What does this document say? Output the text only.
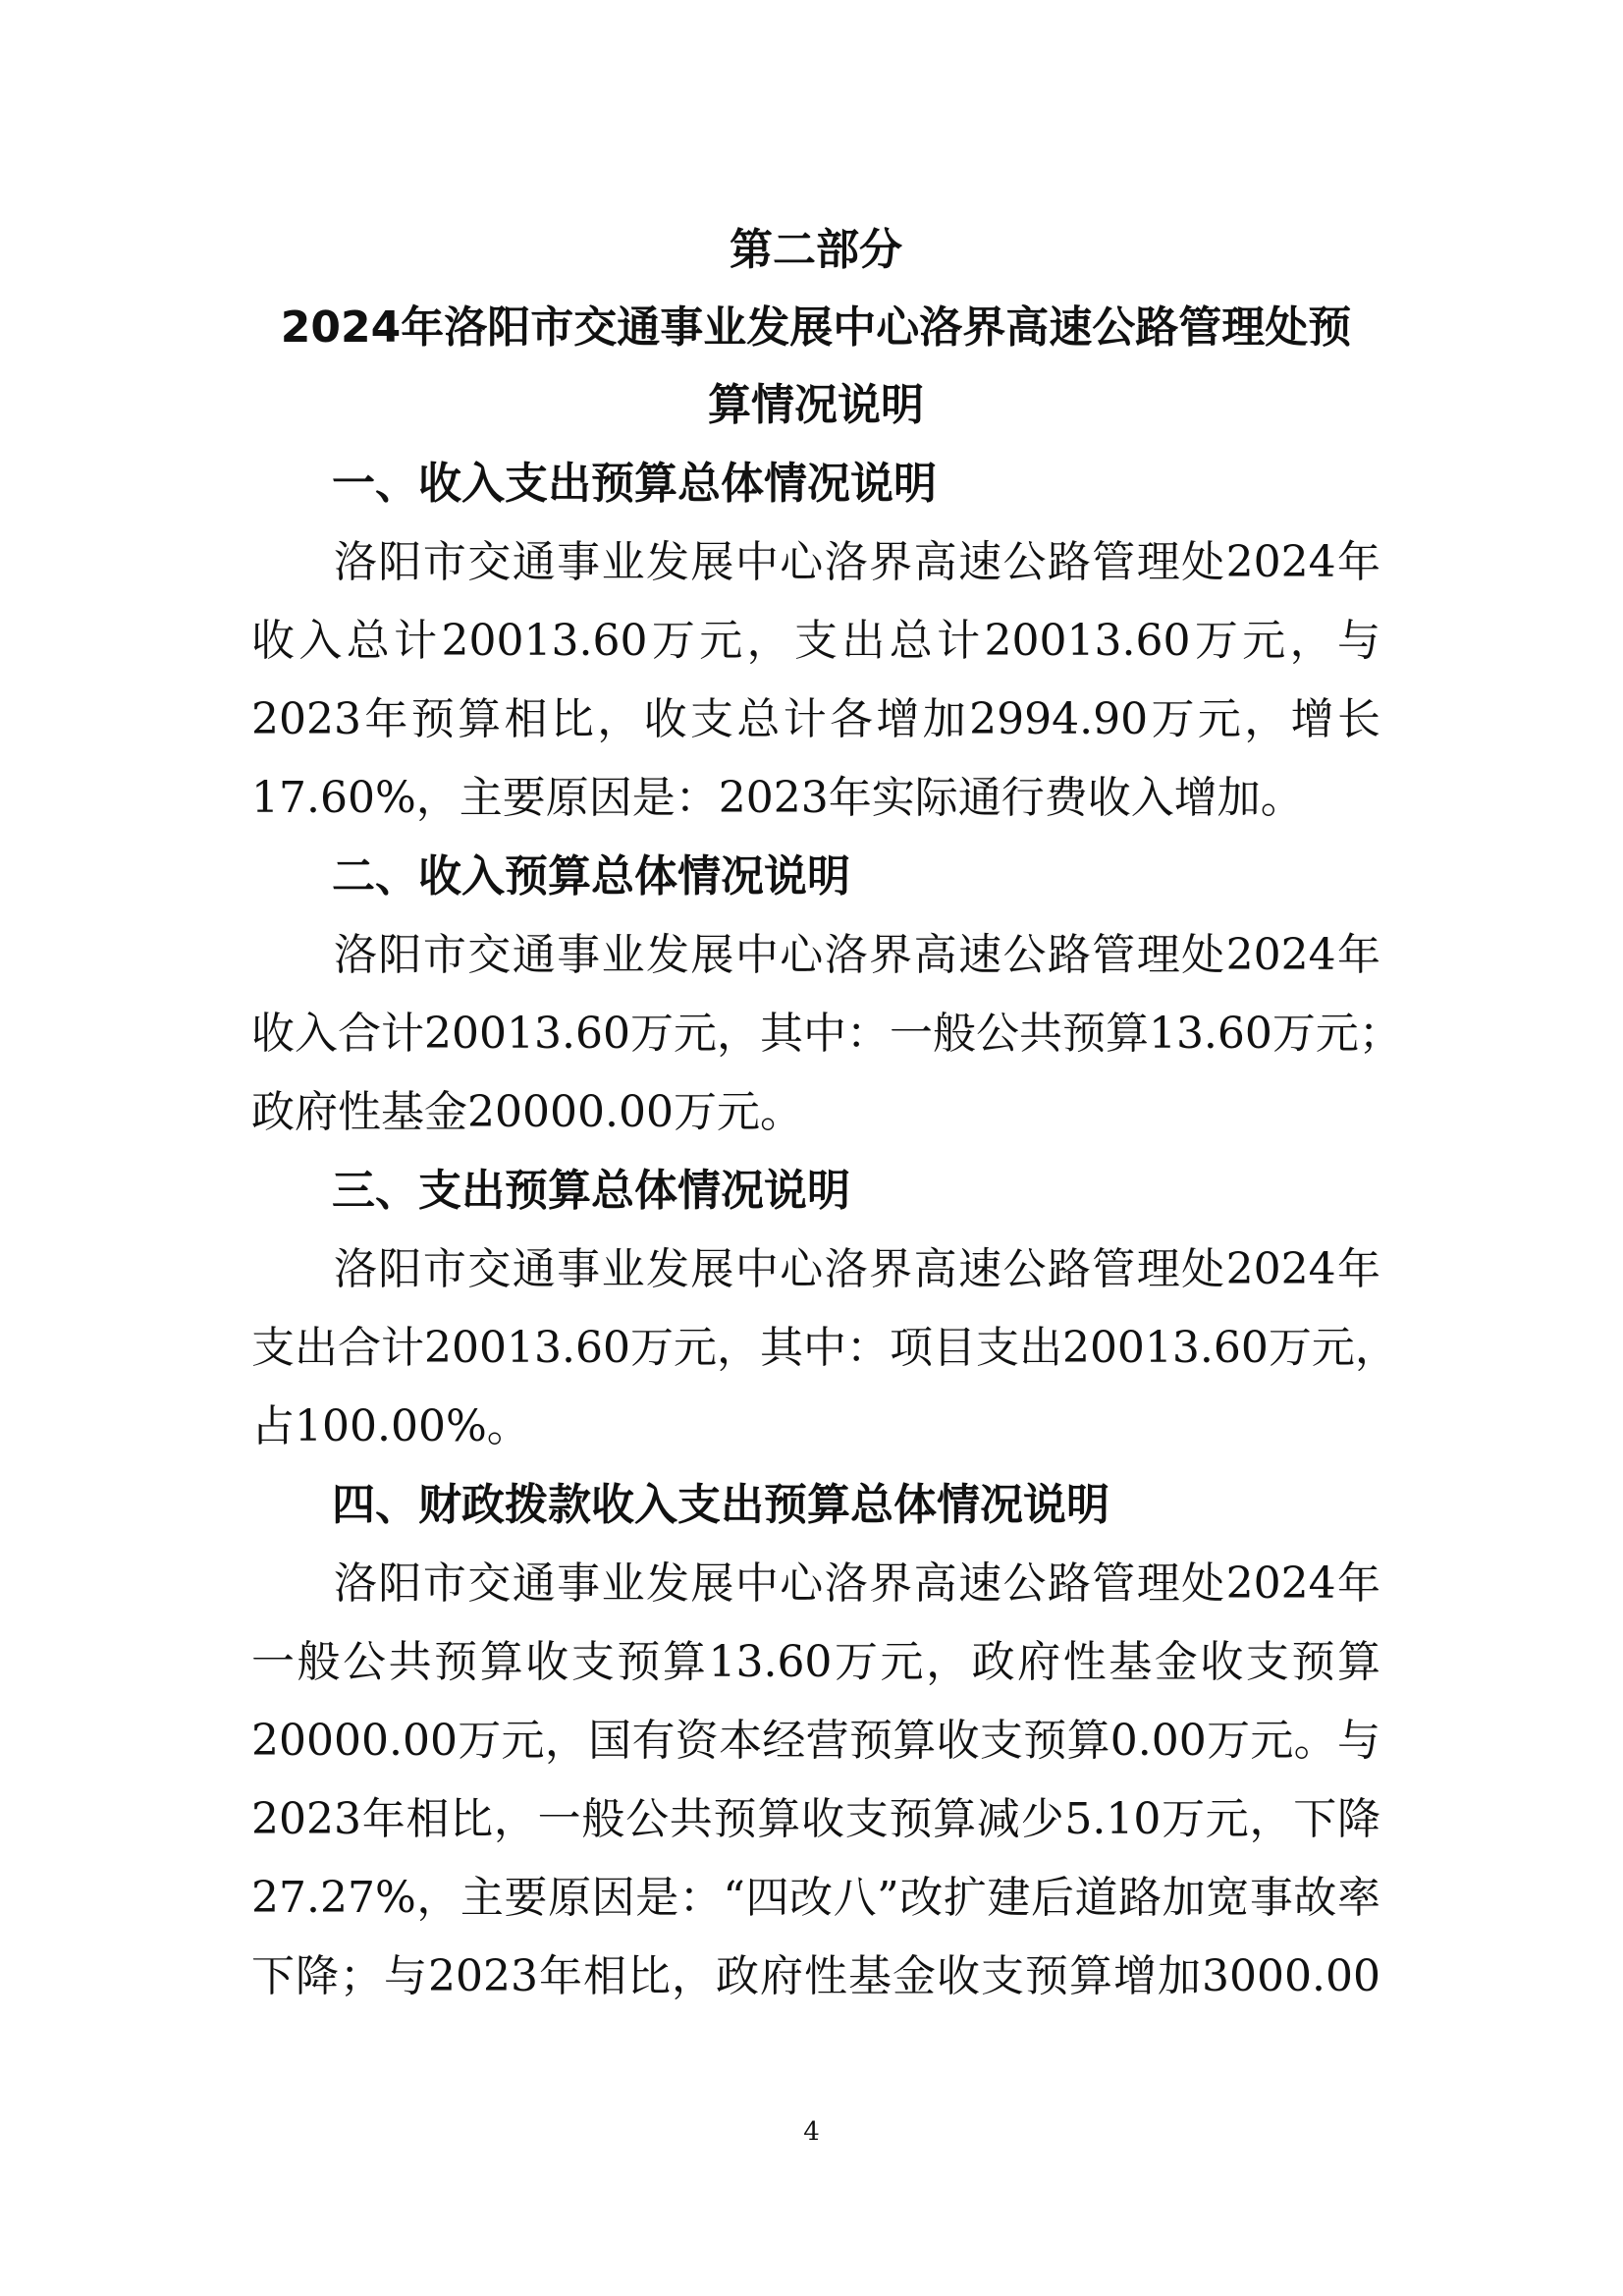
第二部分
2024年洛阳市交通事业发展中心洛界高速公路管理处预
算情况说明
一、收入支出预算总体情况说明

洛阳市交通事业发展中心洛界高速公路管理处2024年

收入总计20013.60万元，支出总计20013.60万元，与

2023年预算相比，收支总计各增加2994.90万元，增长

17.60%，主要原因是：2023年实际通行费收入增加。

二、收入预算总体情况说明

洛阳市交通事业发展中心洛界高速公路管理处2024年

收入合计20013.60万元，其中：一般公共预算13.60万元；

政府性基金20000.00万元。

三、支出预算总体情况说明

洛阳市交通事业发展中心洛界高速公路管理处2024年

支出合计20013.60万元，其中：项目支出20013.60万元，

占100.00%。

四、财政拨款收入支出预算总体情况说明

洛阳市交通事业发展中心洛界高速公路管理处2024年

一般公共预算收支预算13.60万元，政府性基金收支预算

20000.00万元，国有资本经营预算收支预算0.00万元。与

2023年相比，一般公共预算收支预算减少5.10万元，下降

27.27%，主要原因是：“四改八”改扩建后道路加宽事故率

下降；与2023年相比，政府性基金收支预算增加3000.00

4
